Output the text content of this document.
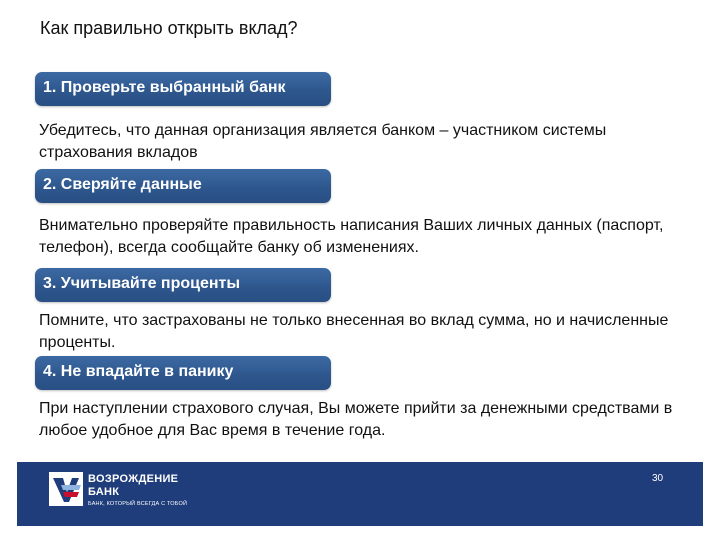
Как правильно открыть вклад?
1. Проверьте выбранный банк
Убедитесь, что данная организация является банком – участником системы страхования вкладов
2. Сверяйте данные
Внимательно проверяйте правильность написания Ваших личных данных (паспорт, телефон), всегда сообщайте банку об изменениях.
3. Учитывайте проценты
Помните, что застрахованы не только внесенная во вклад сумма, но и начисленные проценты.
4. Не впадайте в панику
При наступлении страхового случая, Вы можете прийти за денежными средствами в любое удобное для Вас время в течение года.
ВОЗРОЖДЕНИЕ
БАНК
БАНК, КОТОРЫЙ ВСЕГДА С ТОБОЙ
30
